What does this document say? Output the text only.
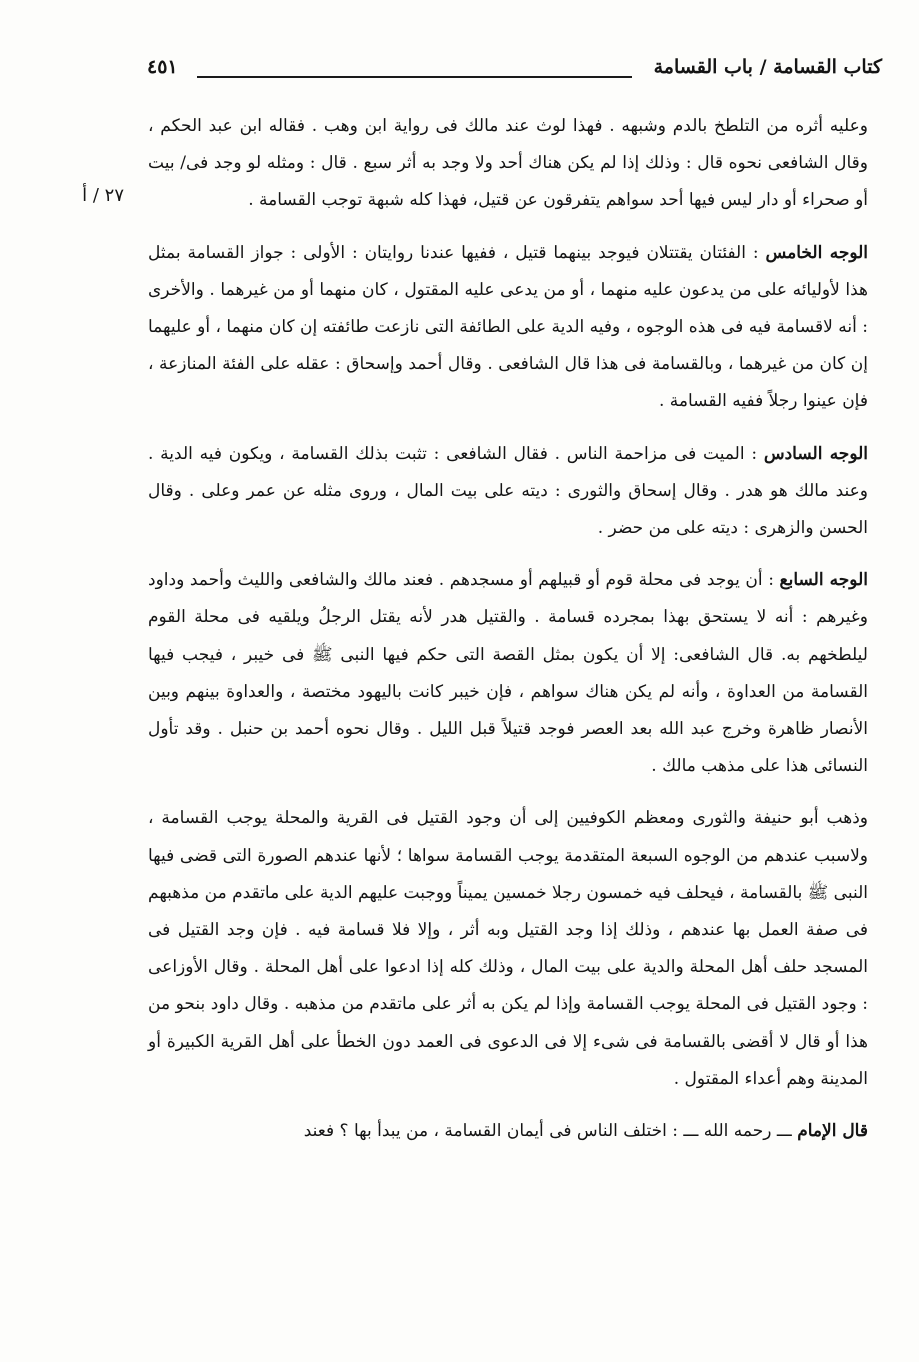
كتاب القسامة / باب القسامة
٤٥١
٢٧ / أ

وعليه أثره من التلطخ بالدم وشبهه . فهذا لوث عند مالك فى رواية ابن وهب . فقاله ابن عبد الحكم ، وقال الشافعى نحوه قال : وذلك إذا لم يكن هناك أحد ولا وجد به أثر سبع . قال : ومثله لو وجد فى/ بيت أو صحراء أو دار ليس فيها أحد سواهم يتفرقون عن قتيل، فهذا كله شبهة توجب القسامة .

الوجه الخامس : الفئتان يقتتلان فيوجد بينهما قتيل ، ففيها عندنا روايتان : الأولى : جواز القسامة بمثل هذا لأوليائه على من يدعون عليه منهما ، أو من يدعى عليه المقتول ، كان منهما أو من غيرهما . والأخرى : أنه لاقسامة فيه فى هذه الوجوه ، وفيه الدية على الطائفة التى نازعت طائفته إن كان منهما ، أو عليهما إن كان من غيرهما ، وبالقسامة فى هذا قال الشافعى . وقال أحمد وإسحاق : عقله على الفئة المنازعة ، فإن عينوا رجلاً ففيه القسامة .

الوجه السادس : الميت فى مزاحمة الناس . فقال الشافعى : تثبت بذلك القسامة ، ويكون فيه الدية . وعند مالك هو هدر . وقال إسحاق والثورى : ديته على بيت المال ، وروى مثله عن عمر وعلى . وقال الحسن والزهرى : ديته على من حضر .

الوجه السابع : أن يوجد فى محلة قوم أو قبيلهم أو مسجدهم . فعند مالك والشافعى والليث وأحمد وداود وغيرهم : أنه لا يستحق بهذا بمجرده قسامة . والقتيل هدر لأنه يقتل الرجلُ ويلقيه فى محلة القوم ليلطخهم به. قال الشافعى: إلا أن يكون بمثل القصة التى حكم فيها النبى ﷺ فى خيبر ، فيجب فيها القسامة من العداوة ، وأنه لم يكن هناك سواهم ، فإن خيبر كانت باليهود مختصة ، والعداوة بينهم وبين الأنصار ظاهرة وخرج عبد الله بعد العصر فوجد قتيلاً قبل الليل . وقال نحوه أحمد بن حنبل . وقد تأول النسائى هذا على مذهب مالك .

وذهب أبو حنيفة والثورى ومعظم الكوفيين إلى أن وجود القتيل فى القرية والمحلة يوجب القسامة ، ولاسبب عندهم من الوجوه السبعة المتقدمة يوجب القسامة سواها ؛ لأنها عندهم الصورة التى قضى فيها النبى ﷺ بالقسامة ، فيحلف فيه خمسون رجلا خمسين يميناً ووجبت عليهم الدية على ماتقدم من مذهبهم فى صفة العمل بها عندهم ، وذلك إذا وجد القتيل وبه أثر ، وإلا فلا قسامة فيه . فإن وجد القتيل فى المسجد حلف أهل المحلة والدية على بيت المال ، وذلك كله إذا ادعوا على أهل المحلة . وقال الأوزاعى : وجود القتيل فى المحلة يوجب القسامة وإذا لم يكن به أثر على ماتقدم من مذهبه . وقال داود بنحو من هذا أو قال لا أقضى بالقسامة فى شىء إلا فى الدعوى فى العمد دون الخطأ على أهل القرية الكبيرة أو المدينة وهم أعداء المقتول .

قال الإمام ـــ رحمه الله ـــ : اختلف الناس فى أيمان القسامة ، من يبدأ بها ؟ فعند
